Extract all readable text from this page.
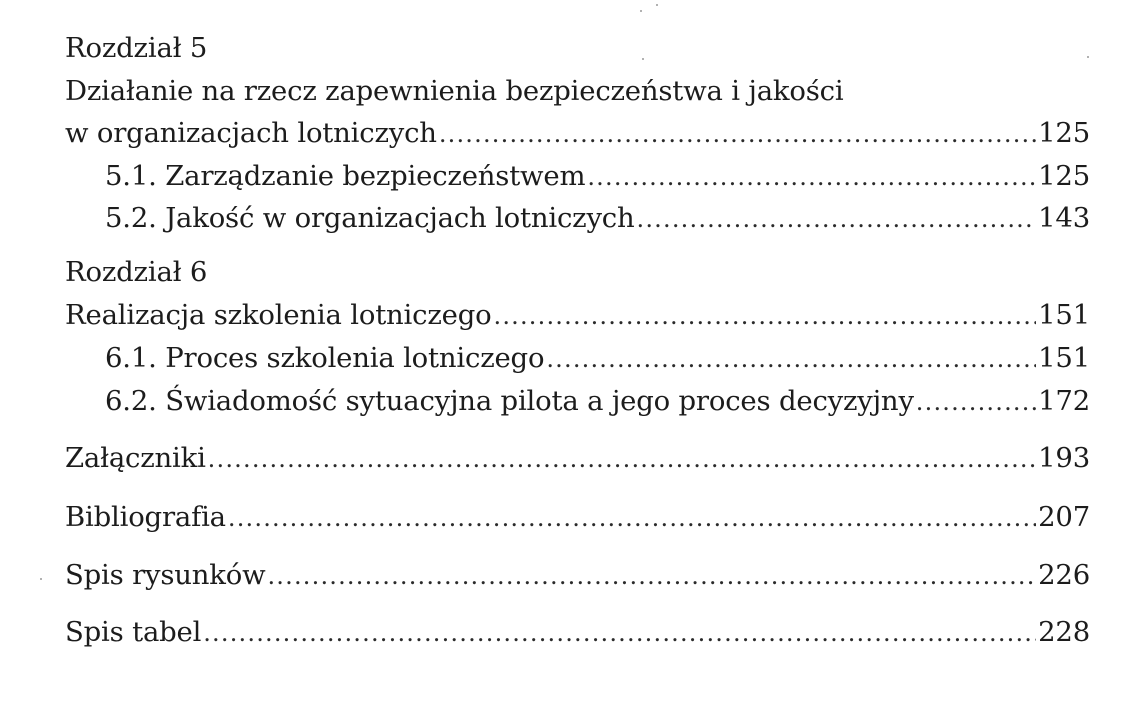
Rozdział 5
Działanie na rzecz zapewnienia bezpieczeństwa i jakości
w organizacjach lotniczych .....	125
5.1. Zarządzanie bezpieczeństwem .....	125
5.2. Jakość w organizacjach lotniczych .....	143
Rozdział 6
Realizacja szkolenia lotniczego .....	151
6.1. Proces szkolenia lotniczego .....	151
6.2. Świadomość sytuacyjna pilota a jego proces decyzyjny .....	172
Załączniki .....	193
Bibliografia .....	207
Spis rysunków .....	226
Spis tabel .....	228
